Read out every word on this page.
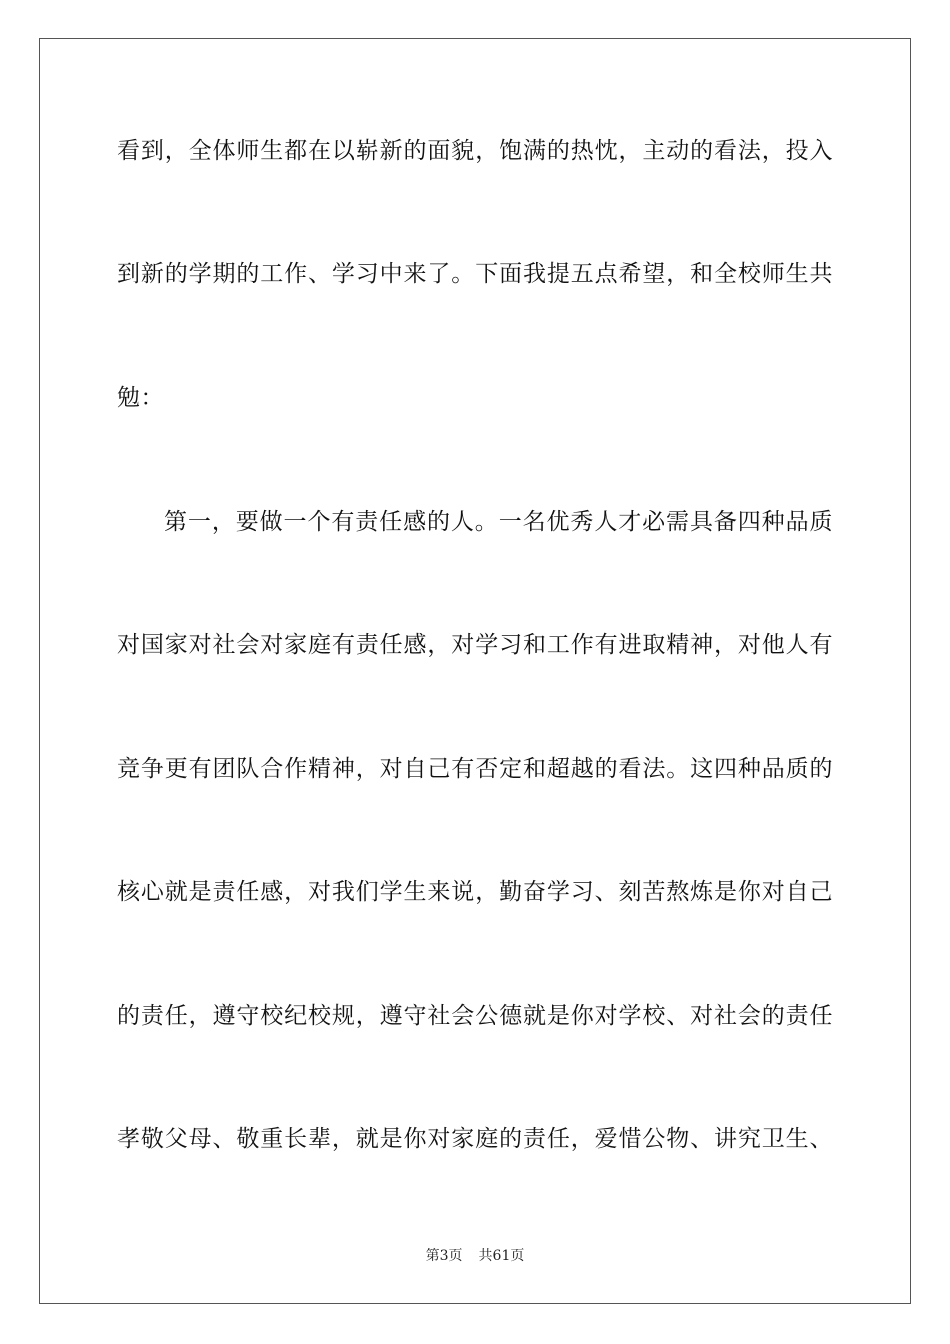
看到，全体师生都在以崭新的面貌，饱满的热忱，主动的看法，投入
到新的学期的工作、学习中来了。下面我提五点希望，和全校师生共
勉：
第一，要做一个有责任感的人。一名优秀人才必需具备四种品质
对国家对社会对家庭有责任感，对学习和工作有进取精神，对他人有
竞争更有团队合作精神，对自己有否定和超越的看法。这四种品质的
核心就是责任感，对我们学生来说，勤奋学习、刻苦熬炼是你对自己
的责任，遵守校纪校规，遵守社会公德就是你对学校、对社会的责任
孝敬父母、敬重长辈，就是你对家庭的责任，爱惜公物、讲究卫生、
第3页 共61页
